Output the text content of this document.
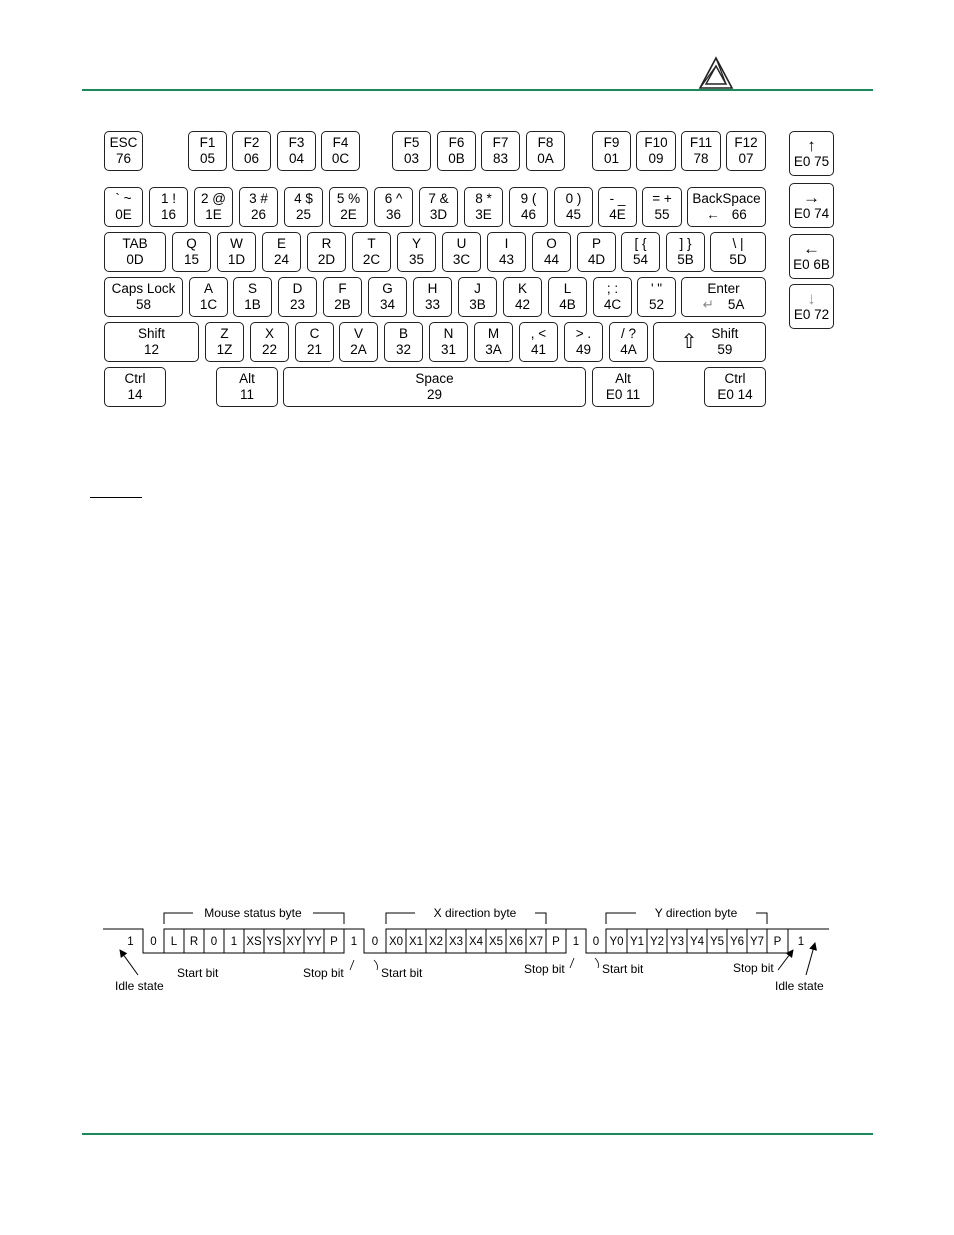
ESC
76
F1
05
F2
06
F3
04
F4
0C
F5
03
F6
0B
F7
83
F8
0A
F9
01
F10
09
F11
78
F12
07
` ~
0E
1 !
16
2 @
1E
3 #
26
4 $
25
5 %
2E
6 ^
36
7 &
3D
8 *
3E
9 (
46
0 )
45
- _
4E
= +
55
BackSpace
← 66
TAB
0D
Q
15
W
1D
E
24
R
2D
T
2C
Y
35
U
3C
I
43
O
44
P
4D
[ {
54
] }
5B
\ |
5D
Caps Lock
58
A
1C
S
1B
D
23
F
2B
G
34
H
33
J
3B
K
42
L
4B
; :
4C
' "
52
Enter
↵ 5A
Shift
12
Z
1Z
X
22
C
21
V
2A
B
32
N
31
M
3A
, <
41
> .
49
/ ?
4A ⇧ Shift
59
Ctrl
14
Alt
11
Space
29
Alt
E0 11
Ctrl
E0 14
↑
E0 75
→
E0 74
←
E0 6B
↓
E0 72
1 0 L R 0 1 XS YS XY YY P 1 0 X0 X1 X2 X3 X4 X5 X6 X7 P 1 0 Y0 Y1 Y2 Y3 Y4 Y5 Y6 Y7 P 1
Mouse status byte	X direction byte	Y direction byte
Idle state
Start bit	Stop bit	Start bit	Stop bit	Start bit	Stop bit
Idle state
